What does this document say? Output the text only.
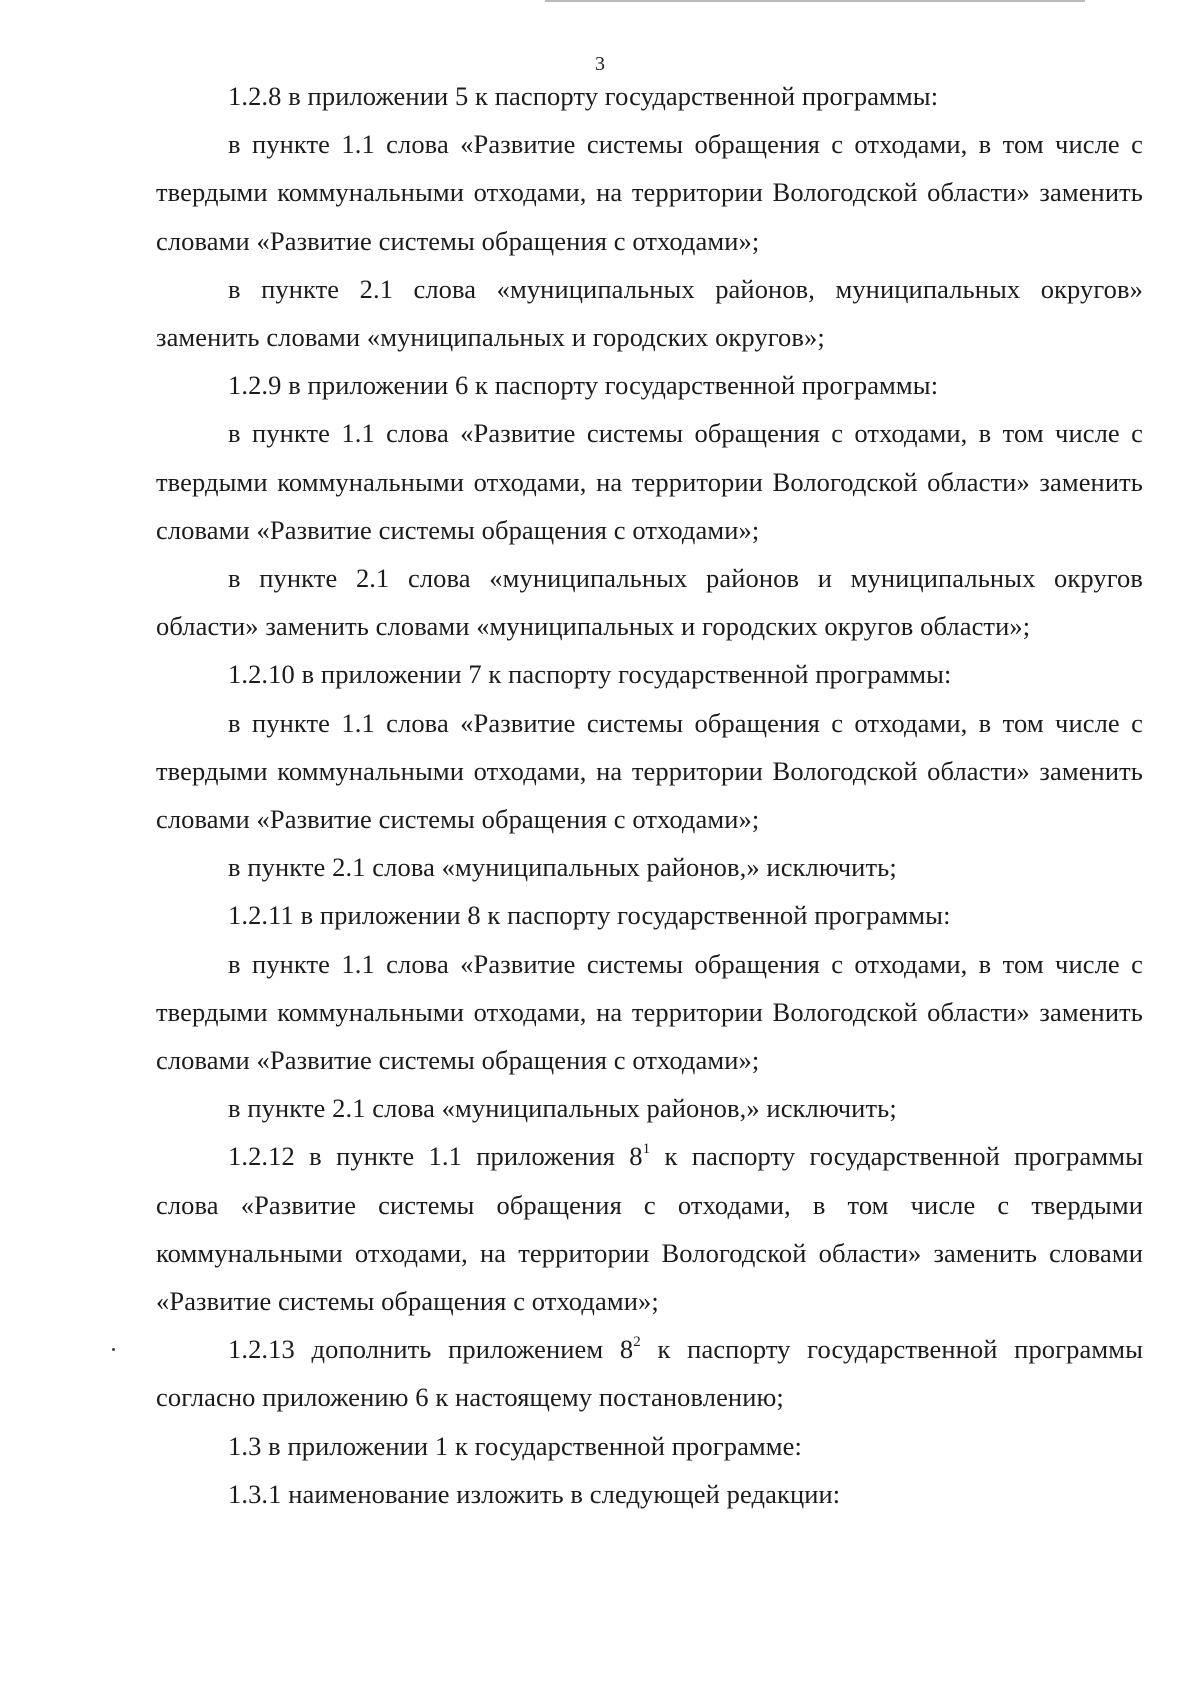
3

1.2.8 в приложении 5 к паспорту государственной программы:

в пункте 1.1 слова «Развитие системы обращения с отходами, в том числе с твердыми коммунальными отходами, на территории Вологодской области» заменить словами «Развитие системы обращения с отходами»;

в пункте 2.1 слова «муниципальных районов, муниципальных округов» заменить словами «муниципальных и городских округов»;

1.2.9 в приложении 6 к паспорту государственной программы:

в пункте 1.1 слова «Развитие системы обращения с отходами, в том числе с твердыми коммунальными отходами, на территории Вологодской области» заменить словами «Развитие системы обращения с отходами»;

в пункте 2.1 слова «муниципальных районов и муниципальных округов области» заменить словами «муниципальных и городских округов области»;

1.2.10 в приложении 7 к паспорту государственной программы:

в пункте 1.1 слова «Развитие системы обращения с отходами, в том числе с твердыми коммунальными отходами, на территории Вологодской области» заменить словами «Развитие системы обращения с отходами»;

в пункте 2.1 слова «муниципальных районов,» исключить;

1.2.11 в приложении 8 к паспорту государственной программы:

в пункте 1.1 слова «Развитие системы обращения с отходами, в том числе с твердыми коммунальными отходами, на территории Вологодской области» заменить словами «Развитие системы обращения с отходами»;

в пункте 2.1 слова «муниципальных районов,» исключить;

1.2.12 в пункте 1.1 приложения $8^1$ к паспорту государственной программы слова «Развитие системы обращения с отходами, в том числе с твердыми коммунальными отходами, на территории Вологодской области» заменить словами «Развитие системы обращения с отходами»;

1.2.13 дополнить приложением $8^2$ к паспорту государственной программы согласно приложению 6 к настоящему постановлению;

1.3 в приложении 1 к государственной программе:

1.3.1 наименование изложить в следующей редакции:
